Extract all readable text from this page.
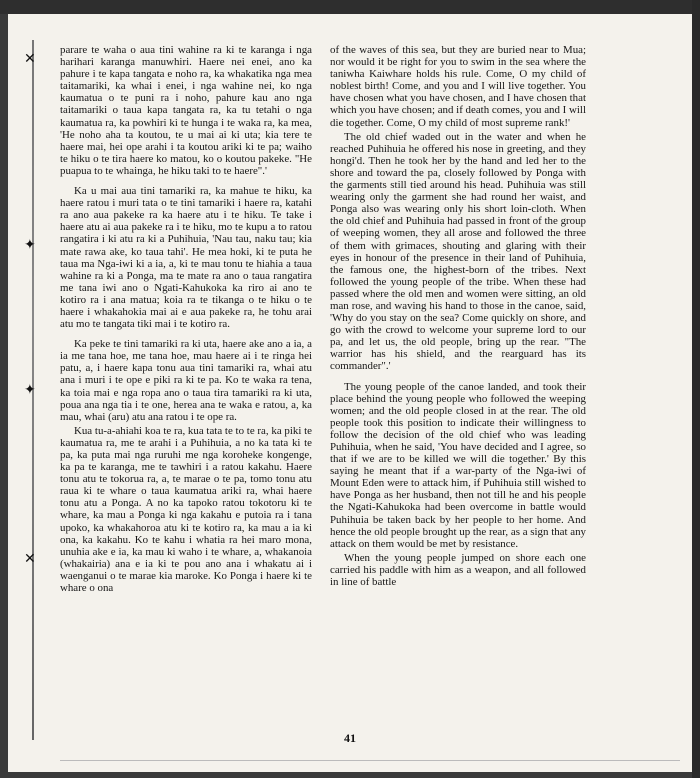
✕
✦
✦
✕

parare te waha o aua tini wahine ra ki te karanga i nga harihari karanga manuwhiri. Haere nei enei, ano ka pahure i te kapa tangata e noho ra, ka whakatika nga mea taitamariki, ka whai i enei, i nga wahine nei, ko nga kaumatua o te puni ra i noho, pahure kau ano nga taitamariki o taua kapa tangata ra, ka tu tetahi o nga kaumatua ra, ka powhiri ki te hunga i te waka ra, ka mea, 'He noho aha ta koutou, te u mai ai ki uta; kia tere te haere mai, hei ope arahi i ta koutou ariki ki te pa; waiho te hiku o te tira haere ko matou, ko o koutou pakeke. "He puapua to te whainga, he hiku taki to te haere".'

Ka u mai aua tini tamariki ra, ka mahue te hiku, ka haere ratou i muri tata o te tini tamariki i haere ra, katahi ra ano aua pakeke ra ka haere atu i te hiku. Te take i haere atu ai aua pakeke ra i te hiku, mo te kupu a to ratou rangatira i ki atu ra ki a Puhihuia, 'Nau tau, naku tau; kia mate rawa ake, ko taua tahi'. He mea hoki, ki te puta he taua ma Nga-iwi ki a ia, a, ki te mau tonu te hiahia a taua wahine ra ki a Ponga, ma te mate ra ano o taua rangatira me tana iwi ano o Ngati-Kahukoka ka riro ai ano te kotiro ra i ana matua; koia ra te tikanga o te hiku o te haere i whakahokia mai ai e aua pakeke ra, he tohu arai atu mo te tangata tiki mai i te kotiro ra.

Ka peke te tini tamariki ra ki uta, haere ake ano a ia, a ia me tana hoe, me tana hoe, mau haere ai i te ringa hei patu, a, i haere kapa tonu aua tini tamariki ra, whai atu ana i muri i te ope e piki ra ki te pa. Ko te waka ra tena, ka toia mai e nga ropa ano o taua tira tamariki ra ki uta, poua ana nga tia i te one, herea ana te waka e ratou, a, ka mau, whai (aru) atu ana ratou i te ope ra.

Kua tu-a-ahiahi koa te ra, kua tata te to te ra, ka piki te kaumatua ra, me te arahi i a Puhihuia, a no ka tata ki te pa, ka puta mai nga ruruhi me nga koroheke kongenge, ka pa te karanga, me te tawhiri i a ratou kakahu. Haere tonu atu te tokorua ra, a, te marae o te pa, tomo tonu atu raua ki te whare o taua kaumatua ariki ra, whai haere tonu atu a Ponga. A no ka tapoko ratou tokotoru ki te whare, ka mau a Ponga ki nga kakahu e putoia ra i tana upoko, ka whakahoroa atu ki te kotiro ra, ka mau a ia ki ona, ka kakahu. Ko te kahu i whatia ra hei maro mona, unuhia ake e ia, ka mau ki waho i te whare, a, whakanoia (whakairia) ana e ia ki te pou ano ana i whakatu ai i waenganui o te marae kia maroke. Ko Ponga i haere ki te whare o ona

of the waves of this sea, but they are buried near to Mua; nor would it be right for you to swim in the sea where the taniwha Kaiwhare holds his rule. Come, O my child of noblest birth! Come, and you and I will live together. You have chosen what you have chosen, and I have chosen that which you have chosen; and if death comes, you and I will die together. Come, O my child of most supreme rank!'

The old chief waded out in the water and when he reached Puhihuia he offered his nose in greeting, and they hongi'd. Then he took her by the hand and led her to the shore and toward the pa, closely followed by Ponga with the garments still tied around his head. Puhihuia was still wearing only the garment she had round her waist, and Ponga also was wearing only his short loin-cloth. When the old chief and Puhihuia had passed in front of the group of weeping women, they all arose and followed the three of them with grimaces, shouting and glaring with their eyes in honour of the presence in their land of Puhihuia, the famous one, the highest-born of the tribes. Next followed the young people of the tribe. When these had passed where the old men and women were sitting, an old man rose, and waving his hand to those in the canoe, said, 'Why do you stay on the sea? Come quickly on shore, and go with the crowd to welcome your supreme lord to our pa, and let us, the old people, bring up the rear. "The warrior has his shield, and the rearguard has its commander".'

The young people of the canoe landed, and took their place behind the young people who followed the weeping women; and the old people closed in at the rear. The old people took this position to indicate their willingness to follow the decision of the old chief who was leading Puhihuia, when he said, 'You have decided and I agree, so that if we are to be killed we will die together.' By this saying he meant that if a war-party of the Nga-iwi of Mount Eden were to attack him, if Puhihuia still wished to have Ponga as her husband, then not till he and his people the Ngati-Kahukoka had been overcome in battle would Puhihuia be taken back by her people to her home. And hence the old people brought up the rear, as a sign that any attack on them would be met by resistance.

When the young people jumped on shore each one carried his paddle with him as a weapon, and all followed in line of battle

41
